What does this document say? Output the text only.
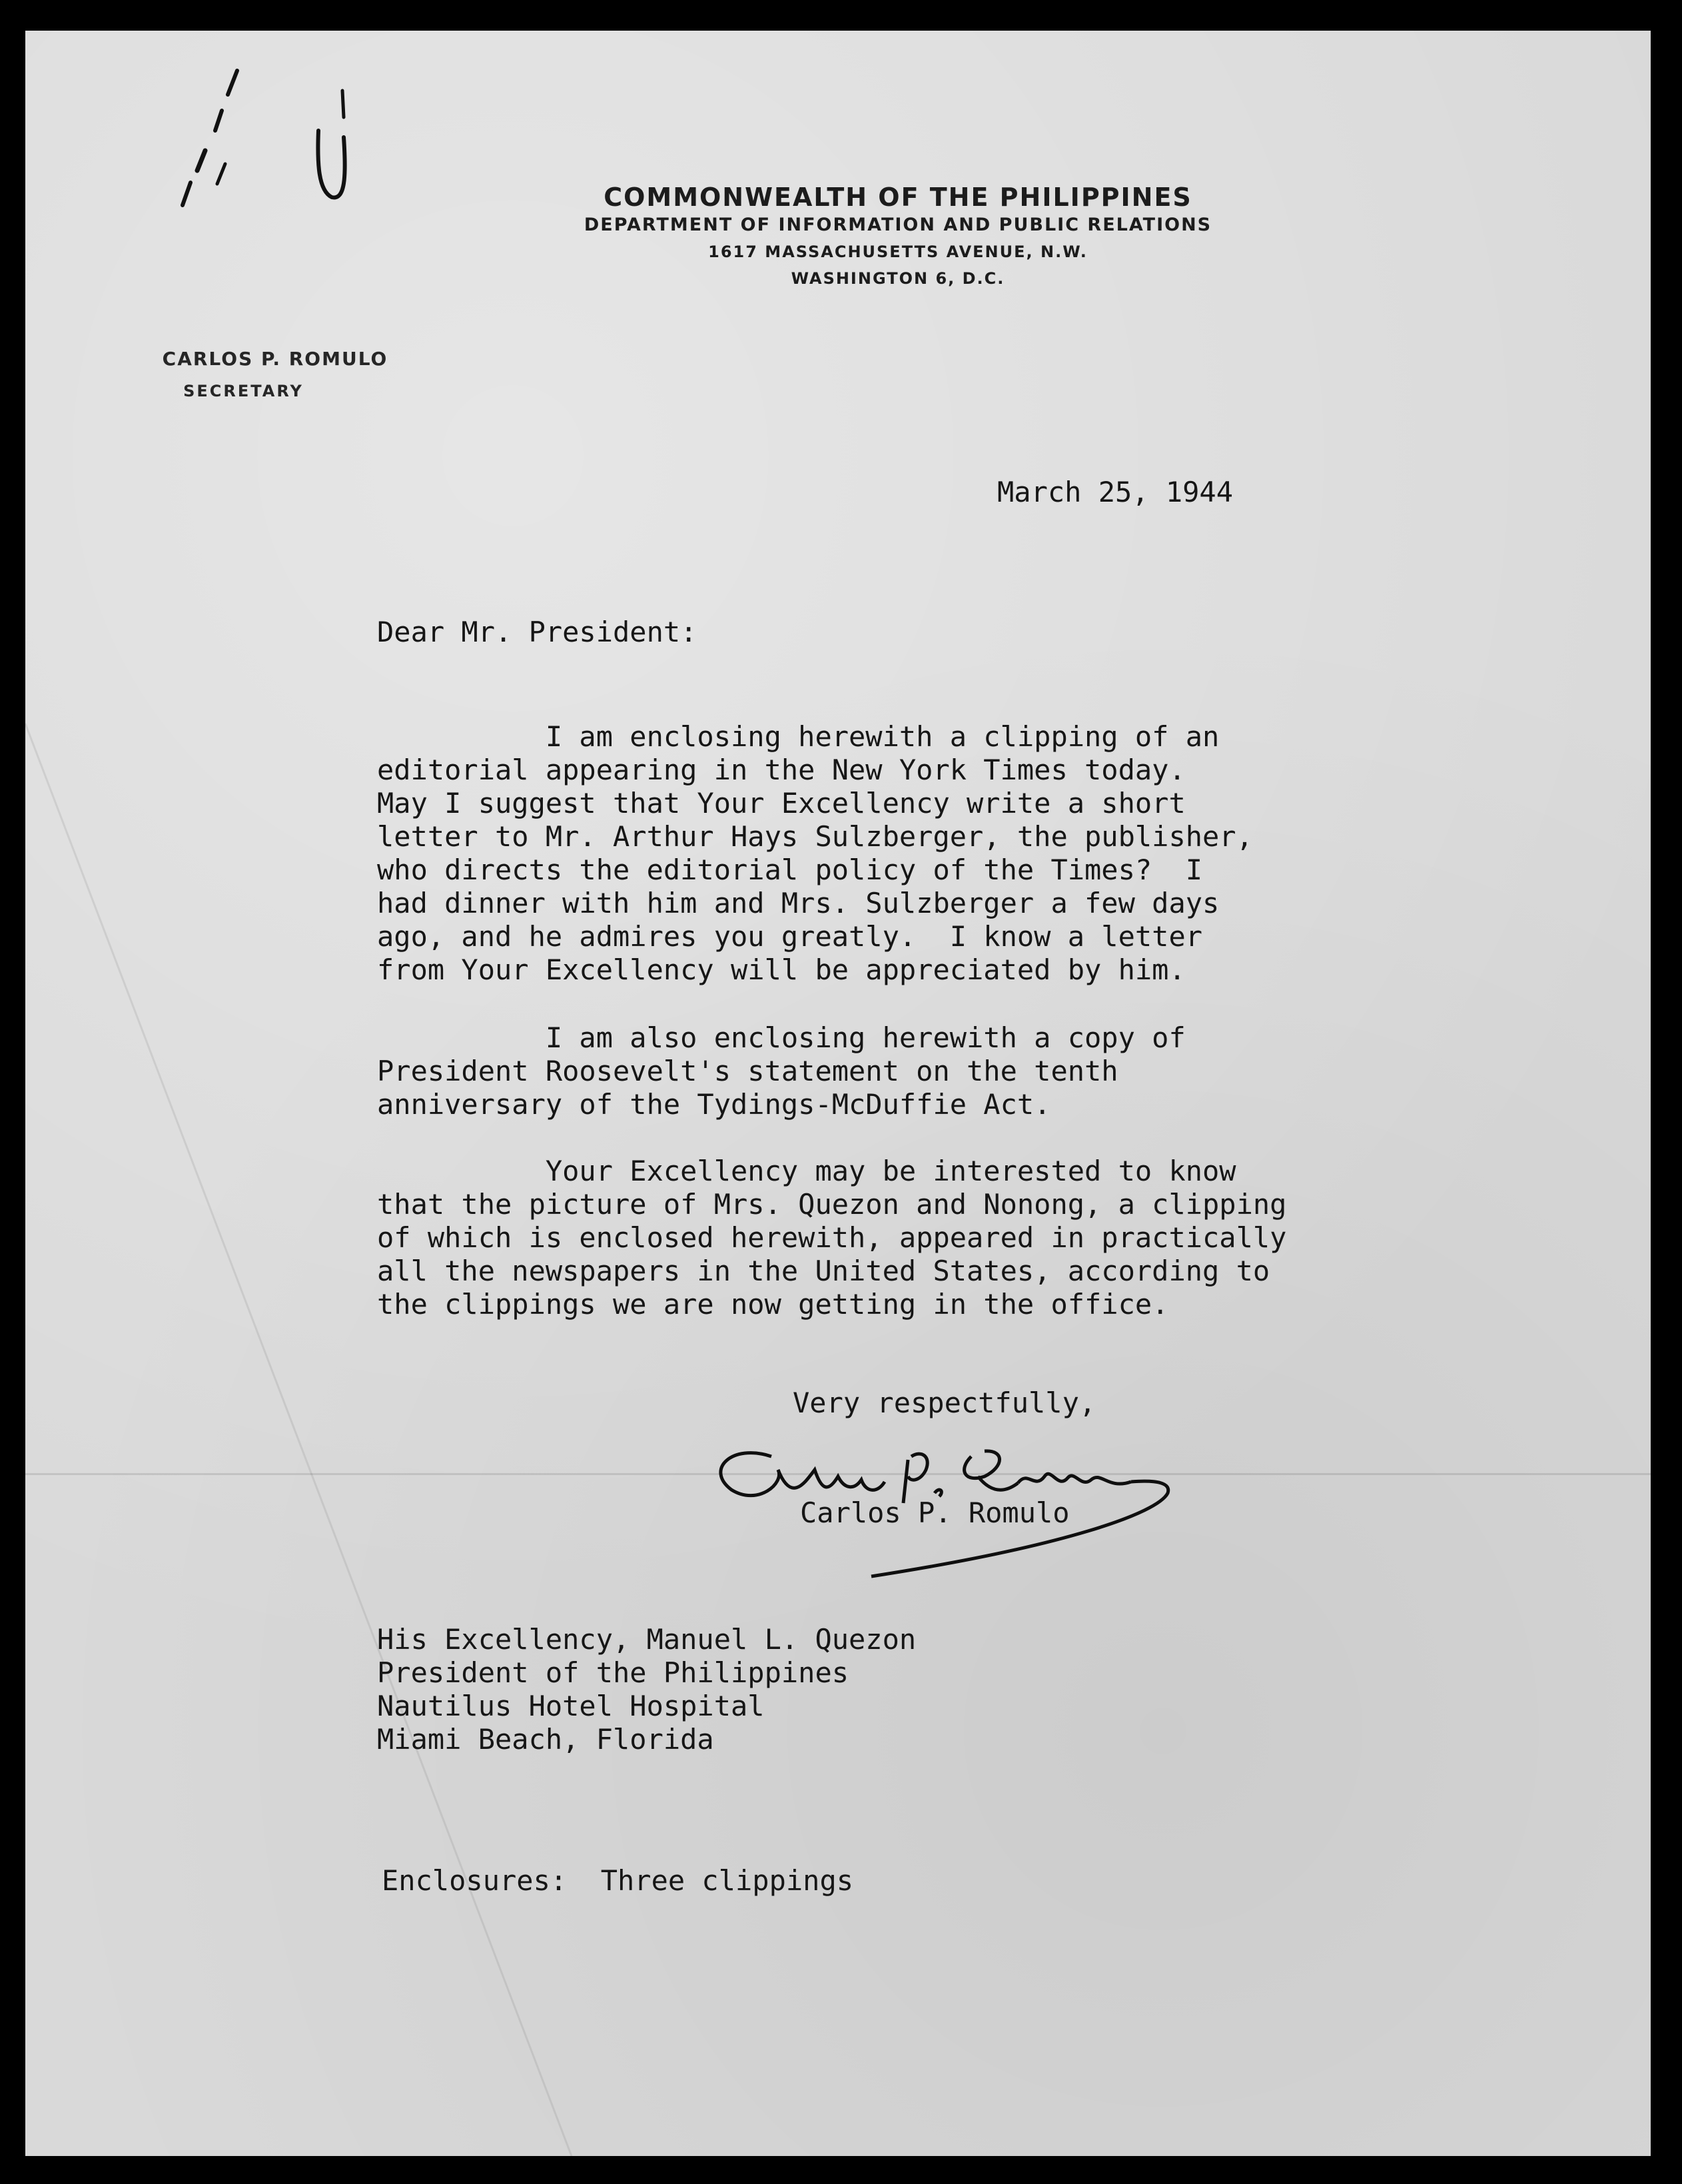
COMMONWEALTH OF THE PHILIPPINES
DEPARTMENT OF INFORMATION AND PUBLIC RELATIONS
1617 MASSACHUSETTS AVENUE, N.W.
WASHINGTON 6, D.C.
CARLOS P. ROMULO
SECRETARY
March 25, 1944
Dear Mr. President:
I am enclosing herewith a clipping of an
editorial appearing in the New York Times today.
May I suggest that Your Excellency write a short
letter to Mr. Arthur Hays Sulzberger, the publisher,
who directs the editorial policy of the Times?  I
had dinner with him and Mrs. Sulzberger a few days
ago, and he admires you greatly.  I know a letter
from Your Excellency will be appreciated by him.
I am also enclosing herewith a copy of
President Roosevelt's statement on the tenth
anniversary of the Tydings-McDuffie Act.
Your Excellency may be interested to know
that the picture of Mrs. Quezon and Nonong, a clipping
of which is enclosed herewith, appeared in practically
all the newspapers in the United States, according to
the clippings we are now getting in the office.
Very respectfully,
Carlos P. Romulo
His Excellency, Manuel L. Quezon
President of the Philippines
Nautilus Hotel Hospital
Miami Beach, Florida
Enclosures:  Three clippings
